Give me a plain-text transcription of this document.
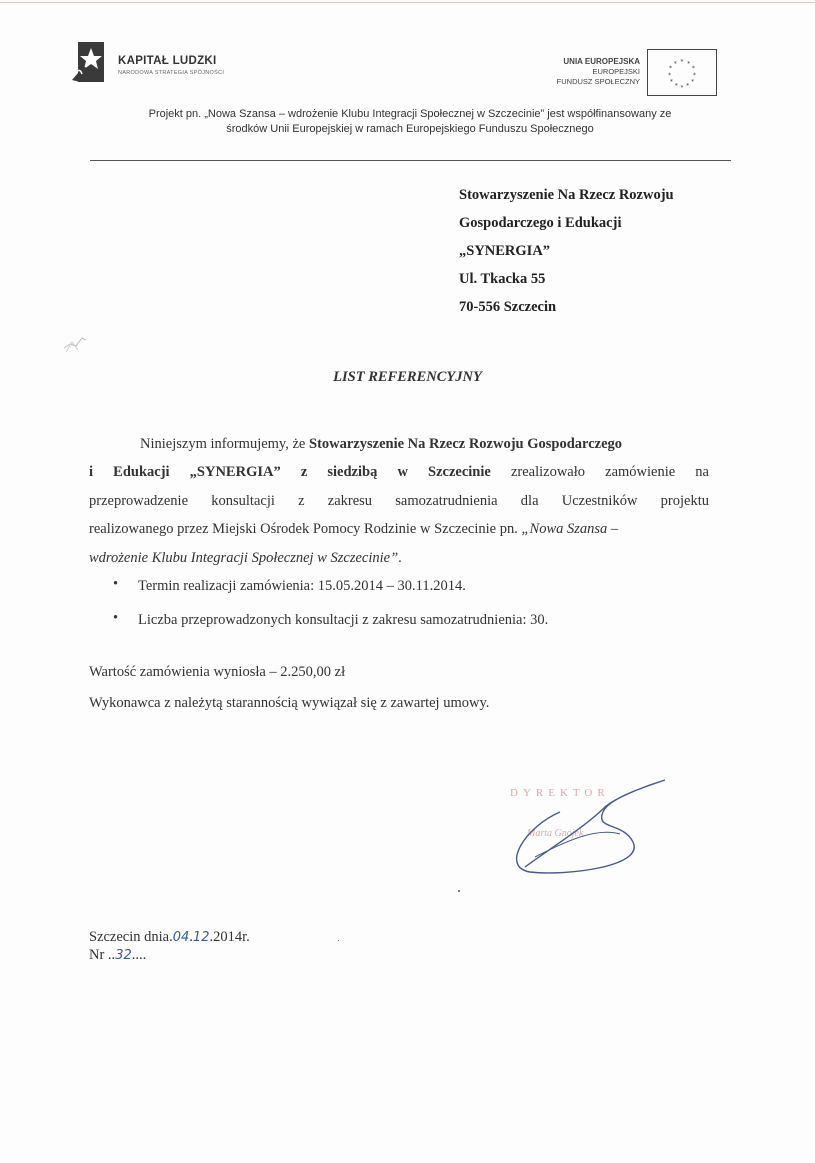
KAPITAŁ LUDZKI
NARODOWA STRATEGIA SPÓJNOŚCI
UNIA EUROPEJSKA
EUROPEJSKI
FUNDUSZ SPOŁECZNY
* *
*
*
*
*
*
*
*
*
*
*
Projekt pn. „Nowa Szansa – wdrożenie Klubu Integracji Społecznej w Szczecinie” jest współfinansowany ze
środków Unii Europejskiej w ramach Europejskiego Funduszu Społecznego
Stowarzyszenie Na Rzecz Rozwoju
Gospodarczego i Edukacji
„SYNERGIA”
Ul. Tkacka 55
70-556 Szczecin
LIST REFERENCYJNY
Niniejszym informujemy, że Stowarzyszenie Na Rzecz Rozwoju Gospodarczego
i Edukacji „SYNERGIA” z siedzibą w Szczecinie zrealizowało zamówienie na
przeprowadzenie konsultacji z zakresu samozatrudnienia dla Uczestników projektu
realizowanego przez Miejski Ośrodek Pomocy Rodzinie w Szczecinie pn. „Nowa Szansa –
wdrożenie Klubu Integracji Społecznej w Szczecinie”.
• Termin realizacji zamówienia: 15.05.2014 – 30.11.2014.
• Liczba przeprowadzonych konsultacji z zakresu samozatrudnienia: 30.
Wartość zamówienia wyniosła – 2.250,00 zł
Wykonawca z należytą starannością wywiązał się z zawartej umowy.
DYREKTOR
Marta Gnojek
Szczecin dnia.04.12.2014r.
Nr ..32....
